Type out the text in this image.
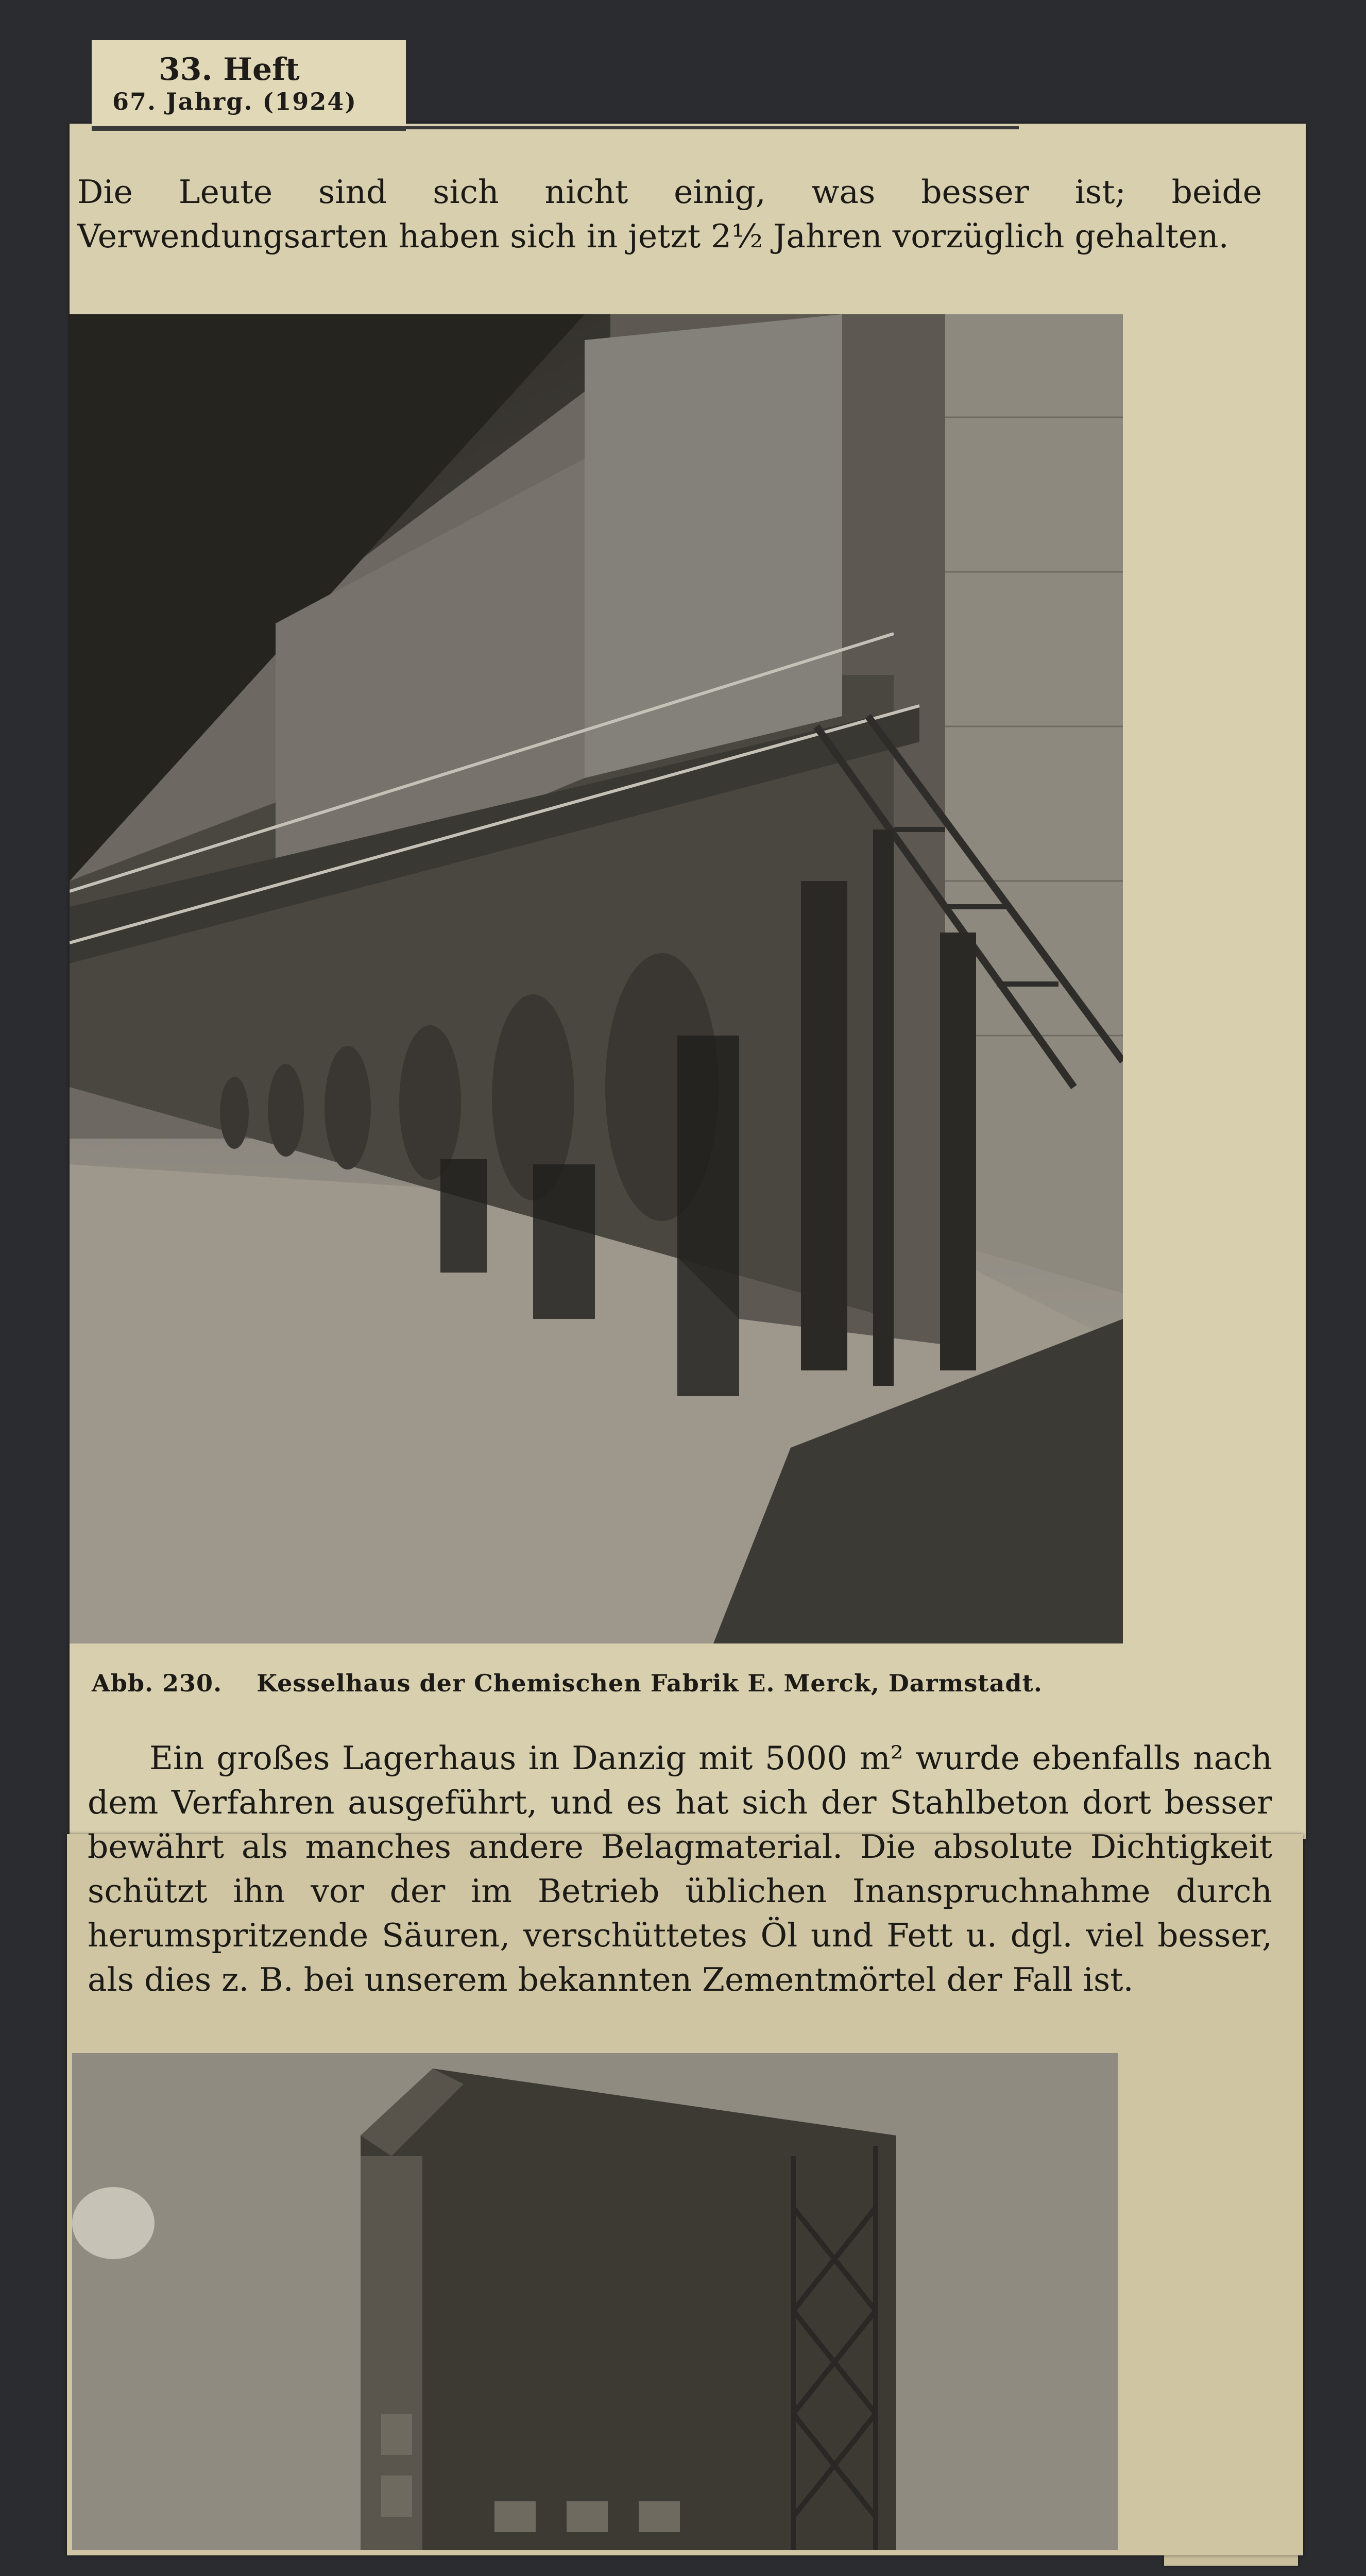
33. Heft
67. Jahrg. (1924)

Die Leute sind sich nicht einig, was besser ist; beide Verwendungsarten haben sich in jetzt 2½ Jahren vorzüglich gehalten.

Abb. 230. Kesselhaus der Chemischen Fabrik E. Merck, Darmstadt.

Ein großes Lagerhaus in Danzig mit 5000 m² wurde ebenfalls nach dem Verfahren ausgeführt, und es hat sich der Stahlbeton dort besser bewährt als manches andere Belagmaterial. Die absolute Dichtigkeit schützt ihn vor der im Betrieb üblichen Inanspruchnahme durch herumspritzende Säuren, verschüttetes Öl und Fett u. dgl. viel besser, als dies z. B. bei unserem bekannten Zementmörtel der Fall ist.
